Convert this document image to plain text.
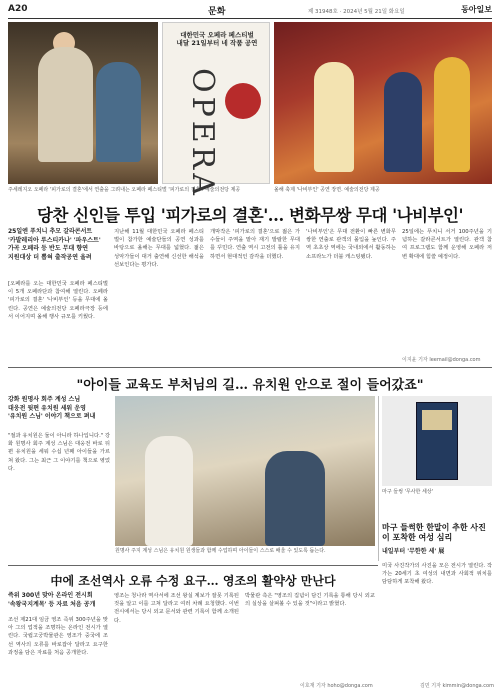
A20	문화	제 31948호 · 2024년 5월 21일 화요일	동아일보
대한민국 오페라 페스티벌
내달 21일부터 네 작품 공연
OPERA
주세레지오 오페라 '피가로의 결혼'에서 연출을 그려내는 오페라 페스티벌 '피가로의 결혼'. 예술의전당 제공	올해 축제 '나비부인' 공연 장면. 예술의전당 제공
당찬 신인들 투입 '피가로의 결혼'… 변화무쌍 무대 '나비부인'
25일엔 푸치니 추모 갈라콘서트
'카발레리아 루스티카나' '파우스트'
가곡 오페라 등 반도 무대 향연
지원대상 더 뽑혀 출작공연 올려
[오페라를 오는 대한민국 오페라 페스티벌이 5개 오페라단과 참여해 열린다. 오페라 '피가로의 결혼' '나비부인' 등을 무대에 올린다. 공연은 예술의전당 오페라극장 등에서 이어지며 올해 행사 규모를 키웠다.
지난해 11월 대한민국 오페라 페스티벌이 참가한 예술단들의 공연 성과를 바탕으로 올해는 무대를 넓혔다. 젊은 성악가들이 대거 출연해 신선한 해석을 선보인다는 평가다.
개막작은 '피가로의 결혼'으로 젊은 가수들이 주역을 맡아 재기 발랄한 무대를 꾸민다. 연출 역시 고전의 틀을 유지하면서 현대적인 감각을 더했다.
'나비부인'은 무대 전환이 빠른 변화무쌍한 연출로 관객의 몰입을 높인다. 주역 초초상 역에는 국내외에서 활동하는 소프라노가 더블 캐스팅됐다.
25일에는 푸치니 서거 100주년을 기념하는 갈라콘서트가 열린다. 관객 참여 프로그램도 함께 운영해 오페라 저변 확대에 힘쓸 예정이다.
이지윤 기자 leemail@donga.com
"아이들 교육도 부처님의 길… 유치원 안으로 절이 들어갔죠"
강화 원명사 회주 계성 스님
대웅전 뒷편 유치원 세워 운영
'유치원 스님' 이야기 책으로 펴내
"절과 유치원은 둘이 아니라 하나입니다." 강화 원명사 회주 계성 스님은 대웅전 바로 뒤편 유치원을 세워 수십 년째 아이들을 가르쳐 왔다. 그는 최근 그 이야기를 책으로 엮었다.
원명사 주지 계성 스님은 유치원 원생들과 함께 수업하며 아이들이 스스로 배울 수 있도록 돕는다.
마구 들썽 '무사한 세상'
마구 들썩한 한말이 추한 사진이 포착한 여성 심리
내일부터 '무한한 세' 展
中에 조선역사 오류 수정 요구… 영조의 활약상 만난다
즉위 300년 맞아 온라인 전시회
'속왕국지계목' 등 자료 처음 공개
조선 제21대 임금 영조 즉위 300주년을 맞아 그의 업적을 조명하는 온라인 전시가 열린다. 국립고궁박물관은 영조가 중국에 조선 역사의 오류를 바로잡아 달라고 요구한 과정을 담은 자료를 처음 공개한다.
영조는 청나라 역사서에 조선 왕실 계보가 잘못 기록된 것을 알고 이를 고쳐 달라고 여러 차례 요청했다. 이번 전시에서는 당시 외교 문서와 관련 기록이 함께 소개된다.
박물관 측은 "영조의 집념이 담긴 기록을 통해 당시 외교의 실상을 살펴볼 수 있을 것"이라고 밝혔다.
이호재 기자 hoho@donga.com
미국 사진작가의 사진을 모은 전시가 열린다. 작가는 20세기 초 여성의 내면과 사회적 위치를 담담하게 포착해 왔다.
김민 기자 kimmin@donga.com
